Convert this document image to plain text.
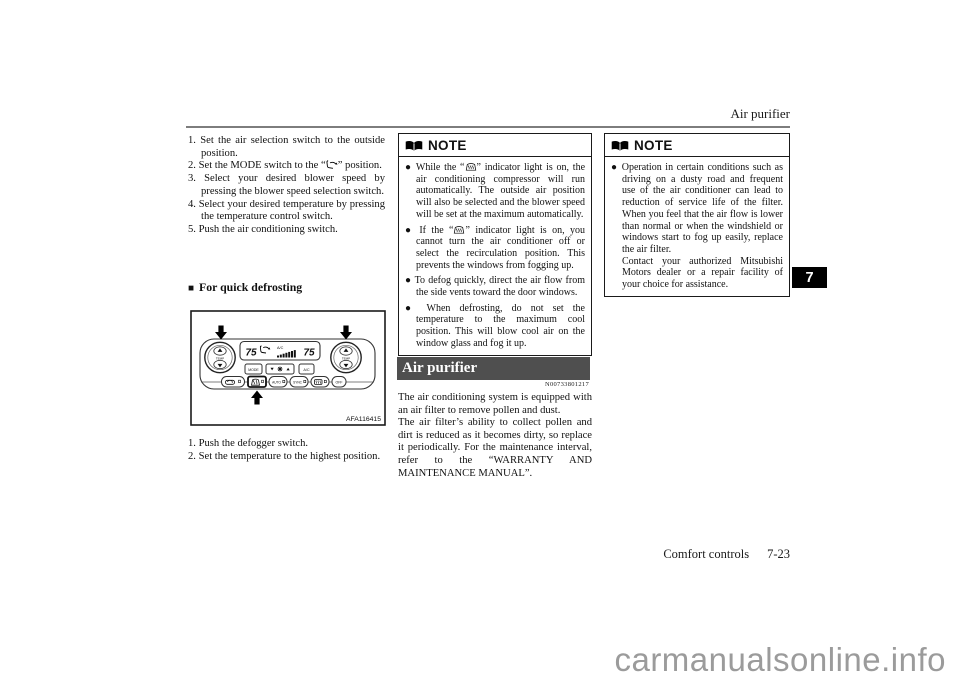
Air purifier
1. Set the air selection switch to the outside position.
2. Set the MODE switch to the “ ” position.
3. Select your desired blower speed by pressing the blower speed selection switch.
4. Select your desired temperature by pressing the temperature control switch.
5. Push the air conditioning switch.
■ For quick defrosting
75	A/C 75
TEMP	TEMP
MODE	A/C
AUTO	SYNC	OFF
AFA116415
1. Push the defogger switch.
2. Set the temperature to the highest position.
NOTE
● While the “ ” indicator light is on, the air conditioning compressor will run automatically. The outside air position will also be selected and the blower speed will be set at the maximum automatically.
● If the “ ” indicator light is on, you cannot turn the air conditioner off or select the recirculation position. This prevents the windows from fogging up.
● To defog quickly, direct the air flow from the side vents toward the door windows.
● When defrosting, do not set the temperature to the maximum cool position. This will blow cool air on the window glass and fog it up.
Air purifier
N00733801217

The air conditioning system is equipped with an air filter to remove pollen and dust.

The air filter’s ability to collect pollen and dirt is reduced as it becomes dirty, so replace it periodically. For the maintenance interval, refer to the “WARRANTY AND MAINTENANCE MANUAL”.

NOTE
● Operation in certain conditions such as driving on a dusty road and frequent use of the air conditioner can lead to reduction of service life of the filter. When you feel that the air flow is lower than normal or when the windshield or windows start to fog up easily, replace the air filter.
Contact your authorized Mitsubishi Motors dealer or a repair facility of your choice for assistance.	7
Comfort controls 7-23
carmanualsonline.info
